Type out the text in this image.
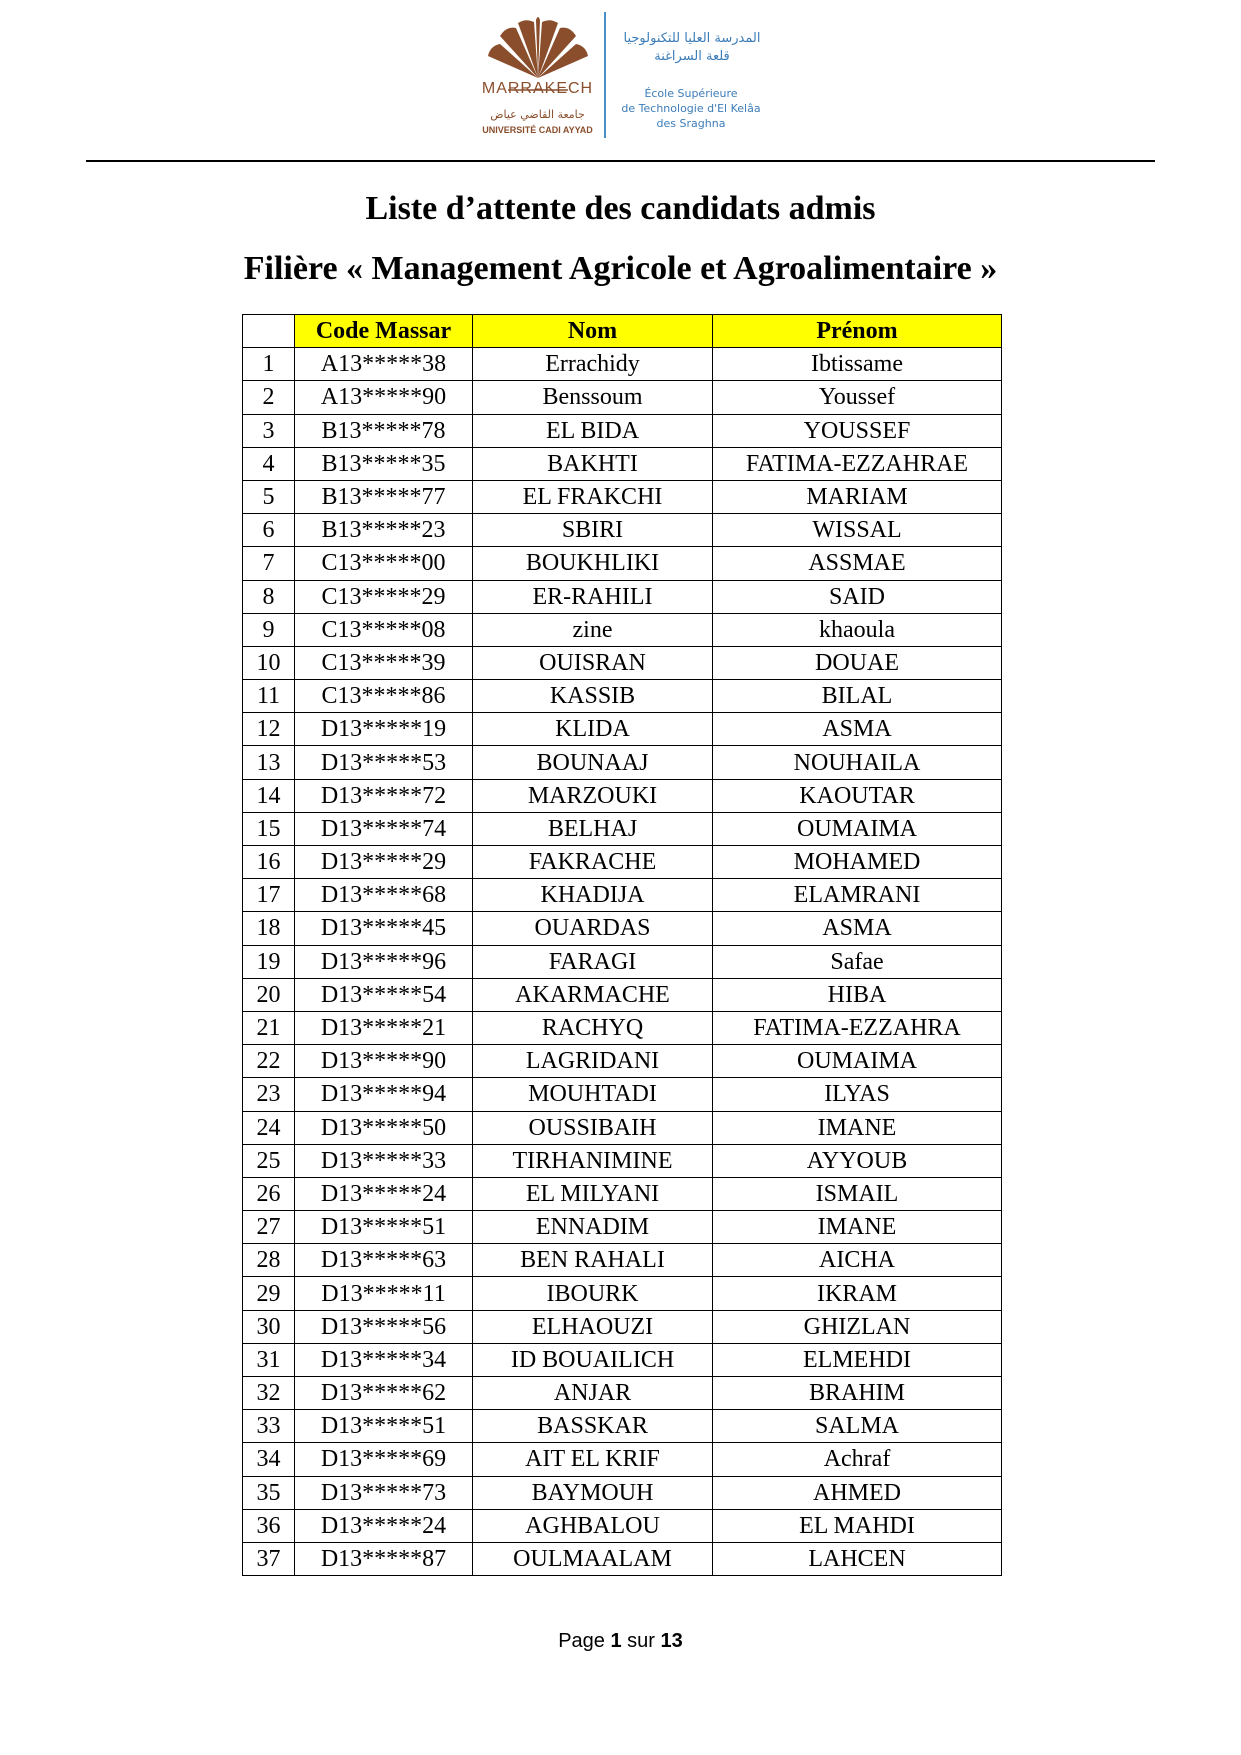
MARRAKECH
جامعة القاضي عياض
UNIVERSITÉ CADI AYYAD
المدرسة العليا للتكنولوجيا
قلعة السراغنة
École Supérieure
de Technologie d'El Kelâa
des Sraghna
Liste d’attente des candidats admis
Filière « Management Agricole et Agroalimentaire »
	Code Massar	Nom	Prénom
1	A13*****38	Errachidy	Ibtissame
2	A13*****90	Benssoum	Youssef
3	B13*****78	EL BIDA	YOUSSEF
4	B13*****35	BAKHTI	FATIMA-EZZAHRAE
5	B13*****77	EL FRAKCHI	MARIAM
6	B13*****23	SBIRI	WISSAL
7	C13*****00	BOUKHLIKI	ASSMAE
8	C13*****29	ER-RAHILI	SAID
9	C13*****08	zine	khaoula
10	C13*****39	OUISRAN	DOUAE
11	C13*****86	KASSIB	BILAL
12	D13*****19	KLIDA	ASMA
13	D13*****53	BOUNAAJ	NOUHAILA
14	D13*****72	MARZOUKI	KAOUTAR
15	D13*****74	BELHAJ	OUMAIMA
16	D13*****29	FAKRACHE	MOHAMED
17	D13*****68	KHADIJA	ELAMRANI
18	D13*****45	OUARDAS	ASMA
19	D13*****96	FARAGI	Safae
20	D13*****54	AKARMACHE	HIBA
21	D13*****21	RACHYQ	FATIMA-EZZAHRA
22	D13*****90	LAGRIDANI	OUMAIMA
23	D13*****94	MOUHTADI	ILYAS
24	D13*****50	OUSSIBAIH	IMANE
25	D13*****33	TIRHANIMINE	AYYOUB
26	D13*****24	EL MILYANI	ISMAIL
27	D13*****51	ENNADIM	IMANE
28	D13*****63	BEN RAHALI	AICHA
29	D13*****11	IBOURK	IKRAM
30	D13*****56	ELHAOUZI	GHIZLAN
31	D13*****34	ID BOUAILICH	ELMEHDI
32	D13*****62	ANJAR	BRAHIM
33	D13*****51	BASSKAR	SALMA
34	D13*****69	AIT EL KRIF	Achraf
35	D13*****73	BAYMOUH	AHMED
36	D13*****24	AGHBALOU	EL MAHDI
37	D13*****87	OULMAALAM	LAHCEN
Page 1 sur 13
